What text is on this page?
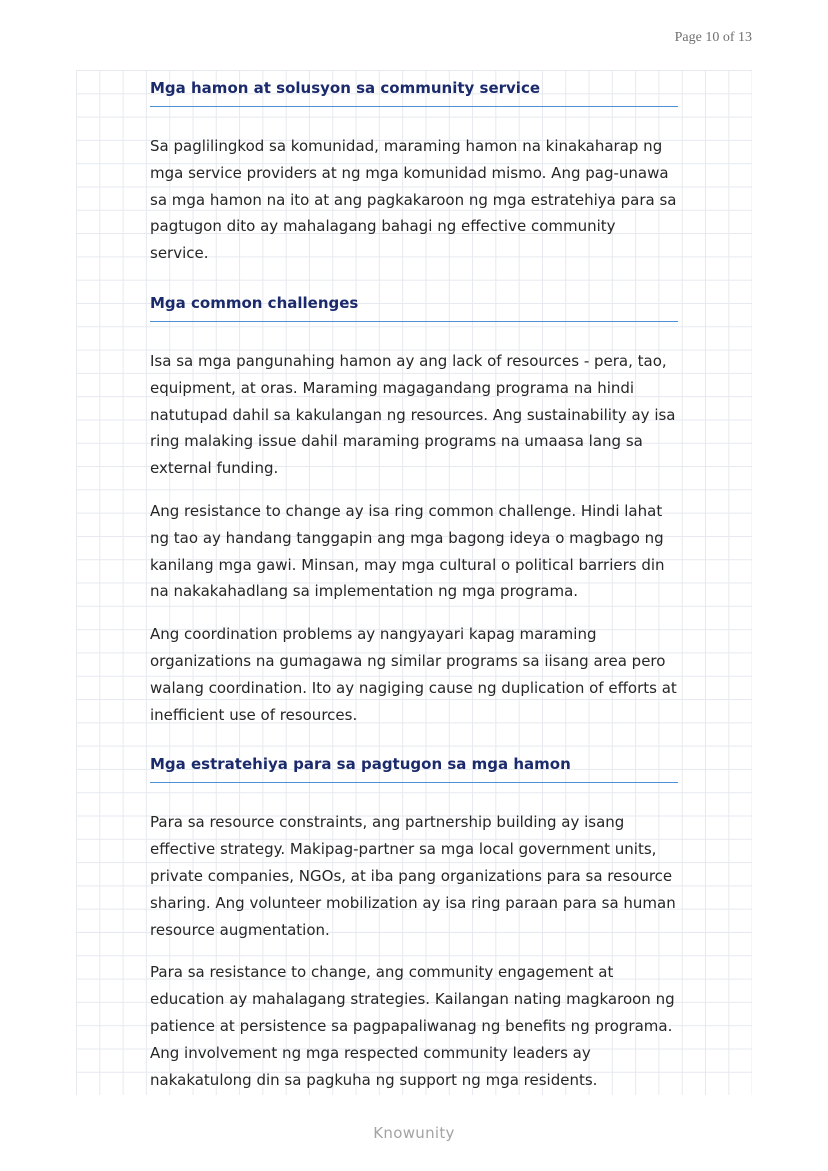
Page 10 of 13
Mga hamon at solusyon sa community service

Sa paglilingkod sa komunidad, maraming hamon na kinakaharap ng mga service providers at ng mga komunidad mismo. Ang pag-unawa sa mga hamon na ito at ang pagkakaroon ng mga estratehiya para sa pagtugon dito ay mahalagang bahagi ng effective community service.

Mga common challenges

Isa sa mga pangunahing hamon ay ang lack of resources - pera, tao, equipment, at oras. Maraming magagandang programa na hindi natutupad dahil sa kakulangan ng resources. Ang sustainability ay isa ring malaking issue dahil maraming programs na umaasa lang sa external funding.

Ang resistance to change ay isa ring common challenge. Hindi lahat ng tao ay handang tanggapin ang mga bagong ideya o magbago ng kanilang mga gawi. Minsan, may mga cultural o political barriers din na nakakahadlang sa implementation ng mga programa.

Ang coordination problems ay nangyayari kapag maraming organizations na gumagawa ng similar programs sa iisang area pero walang coordination. Ito ay nagiging cause ng duplication of efforts at inefficient use of resources.

Mga estratehiya para sa pagtugon sa mga hamon

Para sa resource constraints, ang partnership building ay isang effective strategy. Makipag-partner sa mga local government units, private companies, NGOs, at iba pang organizations para sa resource sharing. Ang volunteer mobilization ay isa ring paraan para sa human resource augmentation.

Para sa resistance to change, ang community engagement at education ay mahalagang strategies. Kailangan nating magkaroon ng patience at persistence sa pagpapaliwanag ng benefits ng programa. Ang involvement ng mga respected community leaders ay nakakatulong din sa pagkuha ng support ng mga residents.

Knowunity
